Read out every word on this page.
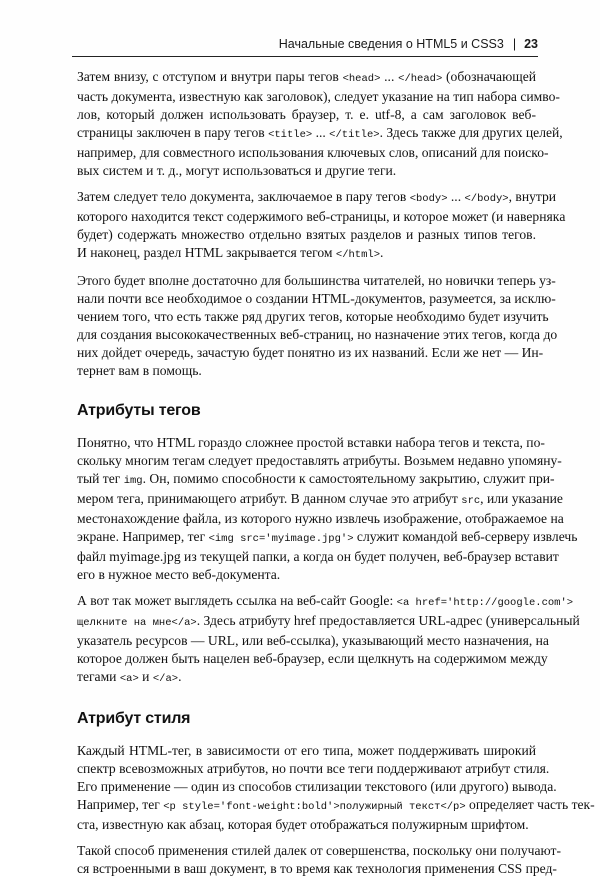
Начальные сведения о HTML5 и CSS3 | 23

Затем внизу, с отступом и внутри пары тегов <head> ... </head> (обозначающей
часть документа, известную как заголовок), следует указание на тип набора симво-
лов, который должен использовать браузер, т. е. utf-8, а сам заголовок веб-
страницы заключен в пару тегов <title> ... </title>. Здесь также для других целей,
например, для совместного использования ключевых слов, описаний для поиско-
вых систем и т. д., могут использоваться и другие теги.

Затем следует тело документа, заключаемое в пару тегов <body> ... </body>, внутри
которого находится текст содержимого веб-страницы, и которое может (и навернякa
будет) содержать множество отдельно взятых разделов и разных типов тегов.
И наконец, раздел HTML закрывается тегом </html>.

Этого будет вполне достаточно для большинства читателей, но новички теперь уз-
нали почти все необходимое о создании HTML-документов, разумеется, за исклю-
чением того, что есть также ряд других тегов, которые необходимо будет изучить
для создания высококачественных веб-страниц, но назначение этих тегов, когда до
них дойдет очередь, зачастую будет понятно из их названий. Если же нет — Ин-
тернет вам в помощь.

Атрибуты тегов

Понятно, что HTML гораздо сложнее простой вставки набора тегов и текста, по-
скольку многим тегам следует предоставлять атрибуты. Возьмем недавно упомяну-
тый тег img. Он, помимо способности к самостоятельному закрытию, служит при-
мером тега, принимающего атрибут. В данном случае это атрибут src, или указание
местонахождение файла, из которого нужно извлечь изображение, отображаемое на
экране. Например, тег <img src='myimage.jpg'> служит командой веб-серверу извлечь
файл myimage.jpg из текущей папки, а когда он будет получен, веб-браузер вставит
его в нужное место веб-документа.

А вот так может выглядеть ссылка на веб-сайт Google: <a href='http://google.com'>
щелкните на мне</a>. Здесь атрибуту href предоставляется URL-адрес (универсальный
указатель ресурсов — URL, или веб-ссылка), указывающий место назначения, на
которое должен быть нацелен веб-браузер, если щелкнуть на содержимом между
тегами <a> и </a>.

Атрибут стиля

Каждый HTML-тег, в зависимости от его типа, может поддерживать широкий
спектр всевозможных атрибутов, но почти все теги поддерживают атрибут стиля.
Его применение — один из способов стилизации текстового (или другого) вывода.
Например, тег <p style='font-weight:bold'>полужирный текст</p> определяет часть тек-
ста, известную как абзац, которая будет отображаться полужирным шрифтом.

Такой способ применения стилей далек от совершенства, поскольку они получают-
ся встроенными в ваш документ, в то время как технология применения CSS пред-
